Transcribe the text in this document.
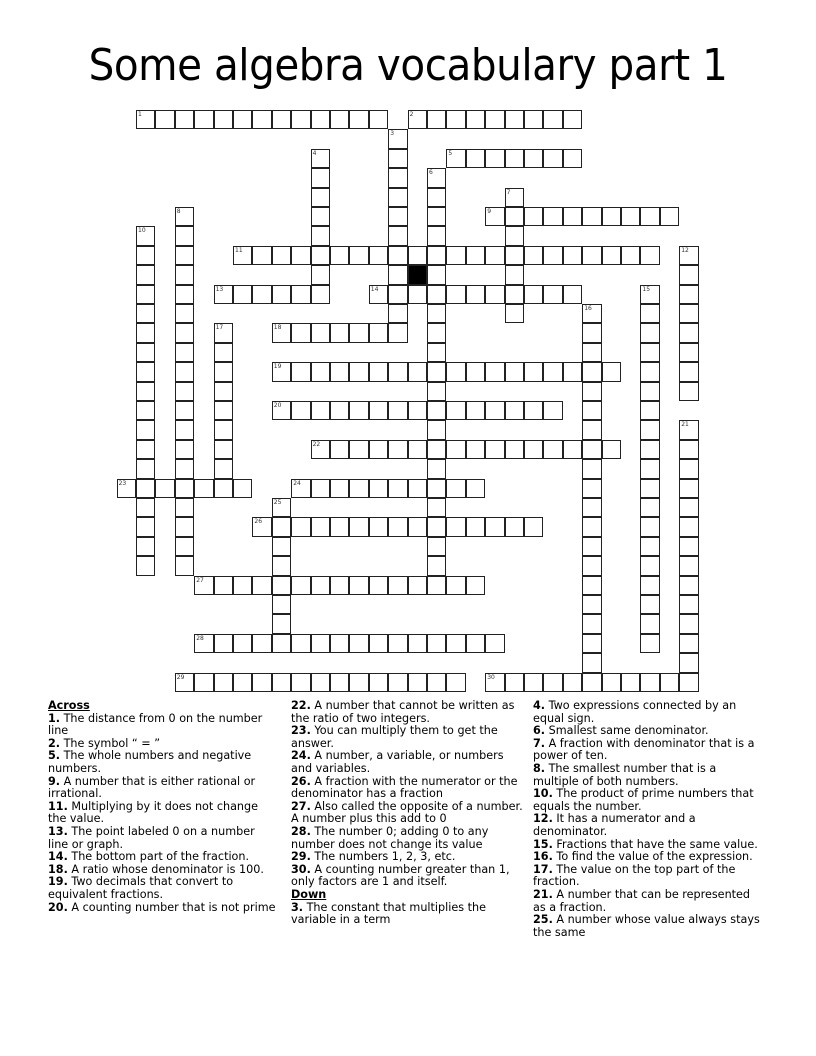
Some algebra vocabulary part 1
1	2
3
4	5
6
7
8	9
10
11	12
13	14	15
16
17	18
19
20
21
22
23	24
25
26
27
28
29	30
Across
1. The distance from 0 on the number line
2. The symbol “ = ”
5. The whole numbers and negative numbers.
9. A number that is either rational or irrational.
11. Multiplying by it does not change the value.
13. The point labeled 0 on a number line or graph.
14. The bottom part of the fraction.
18. A ratio whose denominator is 100.
19. Two decimals that convert to equivalent fractions.
20. A counting number that is not prime
22. A number that cannot be written as the ratio of two integers.
23. You can multiply them to get the answer.
24. A number, a variable, or numbers and variables.
26. A fraction with the numerator or the denominator has a fraction
27. Also called the opposite of a number. A number plus this add to 0
28. The number 0; adding 0 to any number does not change its value
29. The numbers 1, 2, 3, etc.
30. A counting number greater than 1, only factors are 1 and itself.
Down
3. The constant that multiplies the variable in a term
4. Two expressions connected by an equal sign.
6. Smallest same denominator.
7. A fraction with denominator that is a power of ten.
8. The smallest number that is a multiple of both numbers.
10. The product of prime numbers that equals the number.
12. It has a numerator and a denominator.
15. Fractions that have the same value.
16. To find the value of the expression.
17. The value on the top part of the fraction.
21. A number that can be represented as a fraction.
25. A number whose value always stays the same
